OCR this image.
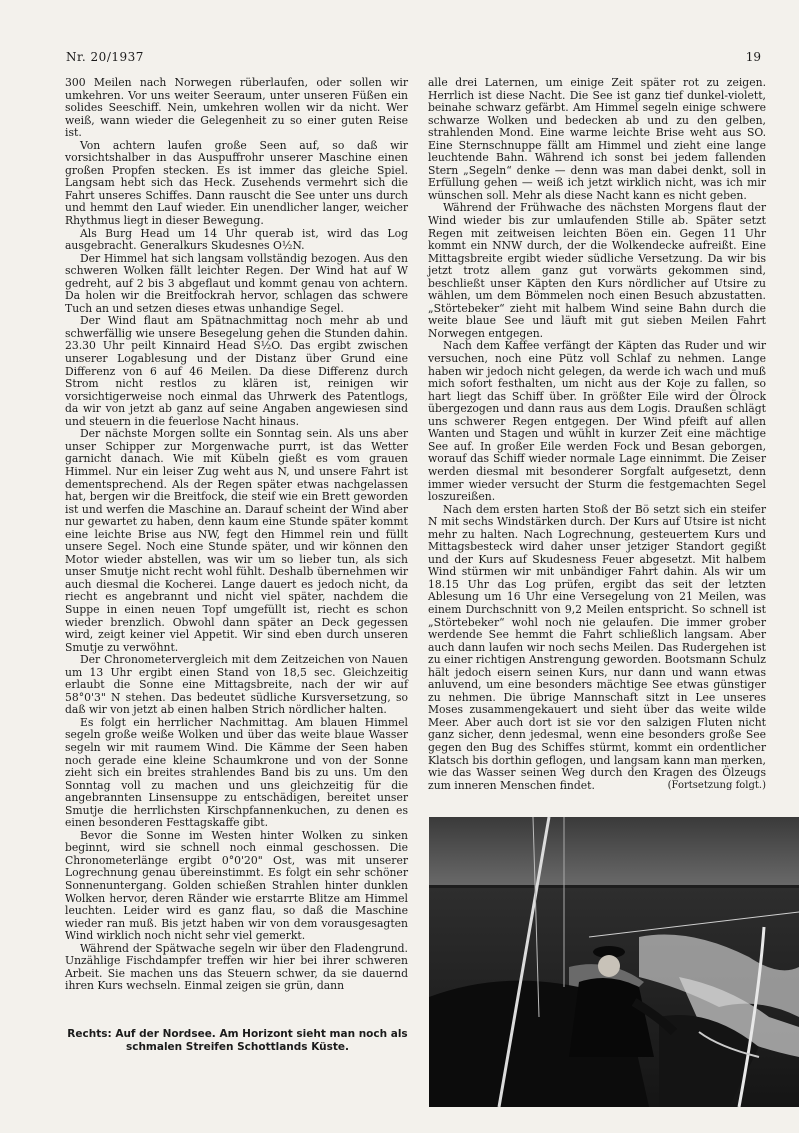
Nr. 20/1937	19

300 Meilen nach Norwegen rüberlaufen, oder sollen wir umkehren. Vor uns weiter Seeraum, unter unseren Füßen ein solides Seeschiff. Nein, umkehren wollen wir da nicht. Wer weiß, wann wieder die Gelegenheit zu so einer guten Reise ist.

Von achtern laufen große Seen auf, so daß wir vorsichtshalber in das Auspuffrohr unserer Maschine einen großen Propfen stecken. Es ist immer das gleiche Spiel. Langsam hebt sich das Heck. Zusehends vermehrt sich die Fahrt unseres Schiffes. Dann rauscht die See unter uns durch und hemmt den Lauf wieder. Ein unendlicher langer, weicher Rhythmus liegt in dieser Bewegung.

Als Burg Head um 14 Uhr querab ist, wird das Log ausgebracht. Generalkurs Skudesnes O½N.

Der Himmel hat sich langsam vollständig bezogen. Aus den schweren Wolken fällt leichter Regen. Der Wind hat auf W gedreht, auf 2 bis 3 abgeflaut und kommt genau von achtern. Da holen wir die Breitfockrah hervor, schlagen das schwere Tuch an und setzen dieses etwas unhandige Segel.

Der Wind flaut am Spätnachmittag noch mehr ab und schwerfällig wie unsere Besegelung gehen die Stunden dahin. 23.30 Uhr peilt Kinnaird Head S½O. Das ergibt zwischen unserer Logablesung und der Distanz über Grund eine Differenz von 6 auf 46 Meilen. Da diese Differenz durch Strom nicht restlos zu klären ist, reinigen wir vorsichtigerweise noch einmal das Uhrwerk des Patentlogs, da wir von jetzt ab ganz auf seine Angaben angewiesen sind und steuern in die feuerlose Nacht hinaus.

Der nächste Morgen sollte ein Sonntag sein. Als uns aber unser Schipper zur Morgenwache purrt, ist das Wetter garnicht danach. Wie mit Kübeln gießt es vom grauen Himmel. Nur ein leiser Zug weht aus N, und unsere Fahrt ist dementsprechend. Als der Regen später etwas nachgelassen hat, bergen wir die Breitfock, die steif wie ein Brett geworden ist und werfen die Maschine an. Darauf scheint der Wind aber nur gewartet zu haben, denn kaum eine Stunde später kommt eine leichte Brise aus NW, fegt den Himmel rein und füllt unsere Segel. Noch eine Stunde später, und wir können den Motor wieder abstellen, was wir um so lieber tun, als sich unser Smutje nicht recht wohl fühlt. Deshalb übernehmen wir auch diesmal die Kocherei. Lange dauert es jedoch nicht, da riecht es angebrannt und nicht viel später, nachdem die Suppe in einen neuen Topf umgefüllt ist, riecht es schon wieder brenzlich. Obwohl dann später an Deck gegessen wird, zeigt keiner viel Appetit. Wir sind eben durch unseren Smutje zu verwöhnt.

Der Chronometervergleich mit dem Zeitzeichen von Nauen um 13 Uhr ergibt einen Stand von 18,5 sec. Gleichzeitig erlaubt die Sonne eine Mittagsbreite, nach der wir auf 58°0'3" N stehen. Das bedeutet südliche Kursversetzung, so daß wir von jetzt ab einen halben Strich nördlicher halten.

Es folgt ein herrlicher Nachmittag. Am blauen Himmel segeln große weiße Wolken und über das weite blaue Wasser segeln wir mit raumem Wind. Die Kämme der Seen haben noch gerade eine kleine Schaumkrone und von der Sonne zieht sich ein breites strahlendes Band bis zu uns. Um den Sonntag voll zu machen und uns gleichzeitig für die angebrannten Linsensuppe zu entschädigen, bereitet unser Smutje die herrlichsten Kirschpfannenkuchen, zu denen es einen besonderen Festtagskaffe gibt.

Bevor die Sonne im Westen hinter Wolken zu sinken beginnt, wird sie schnell noch einmal geschossen. Die Chronometerlänge ergibt 0°0'20" Ost, was mit unserer Logrechnung genau übereinstimmt. Es folgt ein sehr schöner Sonnenuntergang. Golden schießen Strahlen hinter dunklen Wolken hervor, deren Ränder wie erstarrte Blitze am Himmel leuchten. Leider wird es ganz flau, so daß die Maschine wieder ran muß. Bis jetzt haben wir von dem vorausgesagten Wind wirklich noch nicht sehr viel gemerkt.

Während der Spätwache segeln wir über den Fladengrund. Unzählige Fischdampfer treffen wir hier bei ihrer schweren Arbeit. Sie machen uns das Steuern schwer, da sie dauernd ihren Kurs wechseln. Einmal zeigen sie grün, dann

alle drei Laternen, um einige Zeit später rot zu zeigen. Herrlich ist diese Nacht. Die See ist ganz tief dunkel-violett, beinahe schwarz gefärbt. Am Himmel segeln einige schwere schwarze Wolken und bedecken ab und zu den gelben, strahlenden Mond. Eine warme leichte Brise weht aus SO. Eine Sternschnuppe fällt am Himmel und zieht eine lange leuchtende Bahn. Während ich sonst bei jedem fallenden Stern „Segeln“ denke — denn was man dabei denkt, soll in Erfüllung gehen — weiß ich jetzt wirklich nicht, was ich mir wünschen soll. Mehr als diese Nacht kann es nicht geben.

Während der Frühwache des nächsten Morgens flaut der Wind wieder bis zur umlaufenden Stille ab. Später setzt Regen mit zeitweisen leichten Böen ein. Gegen 11 Uhr kommt ein NNW durch, der die Wolkendecke aufreißt. Eine Mittagsbreite ergibt wieder südliche Versetzung. Da wir bis jetzt trotz allem ganz gut vorwärts gekommen sind, beschließt unser Käpten den Kurs nördlicher auf Utsire zu wählen, um dem Bömmelen noch einen Besuch abzustatten. „Störtebeker“ zieht mit halbem Wind seine Bahn durch die weite blaue See und läuft mit gut sieben Meilen Fahrt Norwegen entgegen.

Nach dem Kaffee verfängt der Käpten das Ruder und wir versuchen, noch eine Pütz voll Schlaf zu nehmen. Lange haben wir jedoch nicht gelegen, da werde ich wach und muß mich sofort festhalten, um nicht aus der Koje zu fallen, so hart liegt das Schiff über. In größter Eile wird der Ölrock übergezogen und dann raus aus dem Logis. Draußen schlägt uns schwerer Regen entgegen. Der Wind pfeift auf allen Wanten und Stagen und wühlt in kurzer Zeit eine mächtige See auf. In großer Eile werden Fock und Besan geborgen, worauf das Schiff wieder normale Lage einnimmt. Die Zeiser werden diesmal mit besonderer Sorgfalt aufgesetzt, denn immer wieder versucht der Sturm die festgemachten Segel loszureißen.

Nach dem ersten harten Stoß der Bö setzt sich ein steifer N mit sechs Windstärken durch. Der Kurs auf Utsire ist nicht mehr zu halten. Nach Logrechnung, gesteuertem Kurs und Mittagsbesteck wird daher unser jetziger Standort gegißt und der Kurs auf Skudesness Feuer abgesetzt. Mit halbem Wind stürmen wir mit unbändiger Fahrt dahin. Als wir um 18.15 Uhr das Log prüfen, ergibt das seit der letzten Ablesung um 16 Uhr eine Versegelung von 21 Meilen, was einem Durchschnitt von 9,2 Meilen entspricht. So schnell ist „Störtebeker“ wohl noch nie gelaufen. Die immer grober werdende See hemmt die Fahrt schließlich langsam. Aber auch dann laufen wir noch sechs Meilen. Das Rudergehen ist zu einer richtigen Anstrengung geworden. Bootsmann Schulz hält jedoch eisern seinen Kurs, nur dann und wann etwas anluvend, um eine besonders mächtige See etwas günstiger zu nehmen. Die übrige Mannschaft sitzt in Lee unseres Moses zusammengekauert und sieht über das weite wilde Meer. Aber auch dort ist sie vor den salzigen Fluten nicht ganz sicher, denn jedesmal, wenn eine besonders große See gegen den Bug des Schiffes stürmt, kommt ein ordentlicher Klatsch bis dorthin geflogen, und langsam kann man merken, wie das Wasser seinen Weg durch den Kragen des Ölzeugs zum inneren Menschen findet.	(Fortsetzung folgt.)

Rechts: Auf der Nordsee. Am Horizont sieht man noch als schmalen Streifen Schottlands Küste.
